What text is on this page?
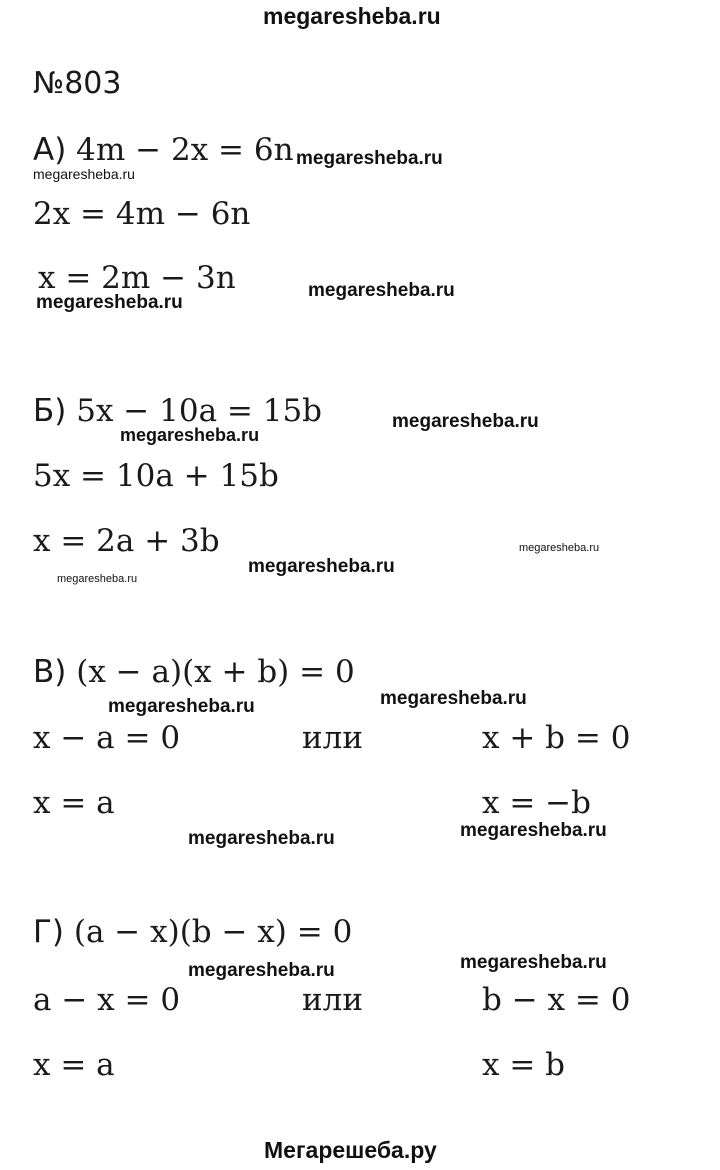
megaresheba.ru
№803
А) 4m − 2x = 6n
2x = 4m − 6n
x = 2m − 3n
megaresheba.ru
megaresheba.ru
megaresheba.ru
megaresheba.ru
Б) 5x − 10a = 15b
5x = 10a + 15b
x = 2a + 3b
megaresheba.ru
megaresheba.ru
megaresheba.ru
megaresheba.ru
megaresheba.ru
В) (x − a)(x + b) = 0
megaresheba.ru
megaresheba.ru
x − a = 0	или	x + b = 0
x = a	x = −b
megaresheba.ru
megaresheba.ru
Г) (a − x)(b − x) = 0
megaresheba.ru
megaresheba.ru
a − x = 0	или	b − x = 0
x = a	x = b
Мегарешеба.ру
